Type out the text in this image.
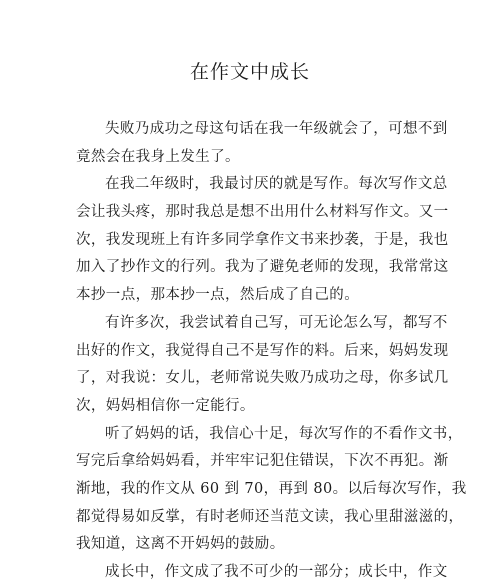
在作文中成长
失败乃成功之母这句话在我一年级就会了，可想不到
竟然会在我身上发生了。
在我二年级时，我最讨厌的就是写作。每次写作文总
会让我头疼，那时我总是想不出用什么材料写作文。又一
次，我发现班上有许多同学拿作文书来抄袭，于是，我也
加入了抄作文的行列。我为了避免老师的发现，我常常这
本抄一点，那本抄一点，然后成了自己的。
有许多次，我尝试着自己写，可无论怎么写，都写不
出好的作文，我觉得自己不是写作的料。后来，妈妈发现
了，对我说：女儿，老师常说失败乃成功之母，你多试几
次，妈妈相信你一定能行。
听了妈妈的话，我信心十足，每次写作的不看作文书，
写完后拿给妈妈看，并牢牢记犯住错误，下次不再犯。渐
渐地，我的作文从 60 到 70，再到 80。以后每次写作，我
都觉得易如反掌，有时老师还当范文读，我心里甜滋滋的，
我知道，这离不开妈妈的鼓励。
成长中，作文成了我不可少的一部分；成长中，作文
